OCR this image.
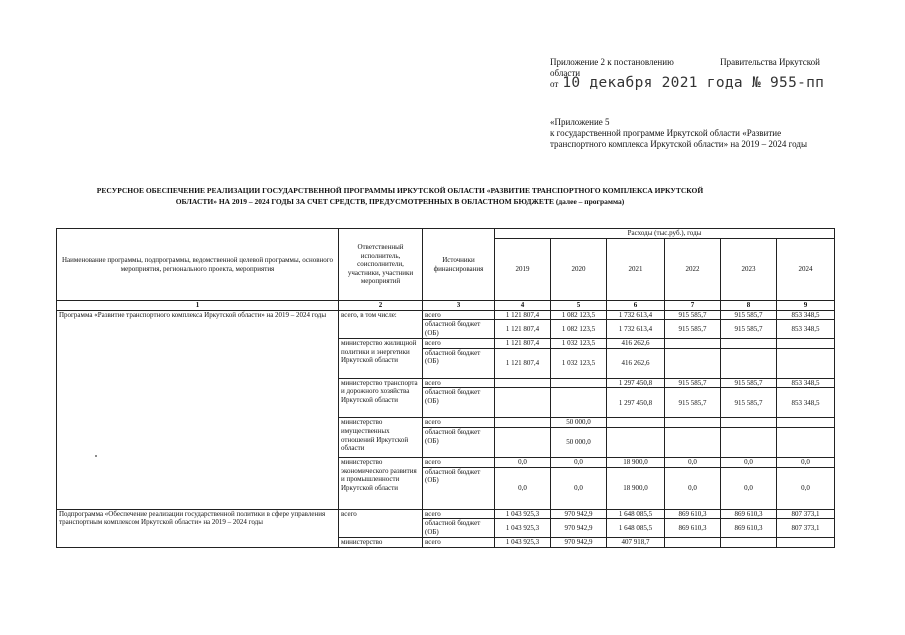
Приложение 2 к постановлению	Правительства Иркутской
области
от 10 декабря 2021 года № 955-пп
«Приложение 5

к государственной программе Иркутской области «Развитие
транспортного комплекса Иркутской области» на 2019 – 2024 годы
РЕСУРСНОЕ ОБЕСПЕЧЕНИЕ РЕАЛИЗАЦИИ ГОСУДАРСТВЕННОЙ ПРОГРАММЫ ИРКУТСКОЙ ОБЛАСТИ «РАЗВИТИЕ ТРАНСПОРТНОГО КОМПЛЕКСА ИРКУТСКОЙ
ОБЛАСТИ» НА 2019 – 2024 ГОДЫ ЗА СЧЕТ СРЕДСТВ, ПРЕДУСМОТРЕННЫХ В ОБЛАСТНОМ БЮДЖЕТЕ (далее – программа)
Наименование программы, подпрограммы, ведомственной целевой программы, основного мероприятия, регионального проекта, мероприятия	Ответственный исполнитель, соисполнители, участники, участники мероприятий	Источники финансирования	Расходы (тыс.руб.), годы					
			2019	2020	2021	2022	2023	2024
1	2	3	4	5	6	7	8	9
Программа «Развитие транспортного комплекса Иркутской области» на 2019 – 2024 годы	всего, в том числе:	всего	1 121 807,4	1 082 123,5	1 732 613,4	915 585,7	915 585,7	853 348,5
		областной бюджет (ОБ)	1 121 807,4	1 082 123,5	1 732 613,4	915 585,7	915 585,7	853 348,5
	министерство жилищной политики и энергетики Иркутской области	всего	1 121 807,4	1 032 123,5	416 262,6			
		областной бюджет (ОБ)	1 121 807,4	1 032 123,5	416 262,6			
	министерство транспорта и дорожного хозяйства Иркутской области	всего			1 297 450,8	915 585,7	915 585,7	853 348,5
		областной бюджет (ОБ)			1 297 450,8	915 585,7	915 585,7	853 348,5
	министерство имущественных отношений Иркутской области	всего		50 000,0				
		областной бюджет (ОБ)		50 000,0				
	министерство экономического развития и промышленности Иркутской области	всего	0,0	0,0	18 900,0	0,0	0,0	0,0
		областной бюджет (ОБ)	0,0	0,0	18 900,0	0,0	0,0	0,0
Подпрограмма «Обеспечение реализации государственной политики в сфере управления транспортным комплексом Иркутской области» на 2019 – 2024 годы	всего	всего	1 043 925,3	970 942,9	1 648 085,5	869 610,3	869 610,3	807 373,1
		областной бюджет (ОБ)	1 043 925,3	970 942,9	1 648 085,5	869 610,3	869 610,3	807 373,1
	министерство	всего	1 043 925,3	970 942,9	407 918,7			
